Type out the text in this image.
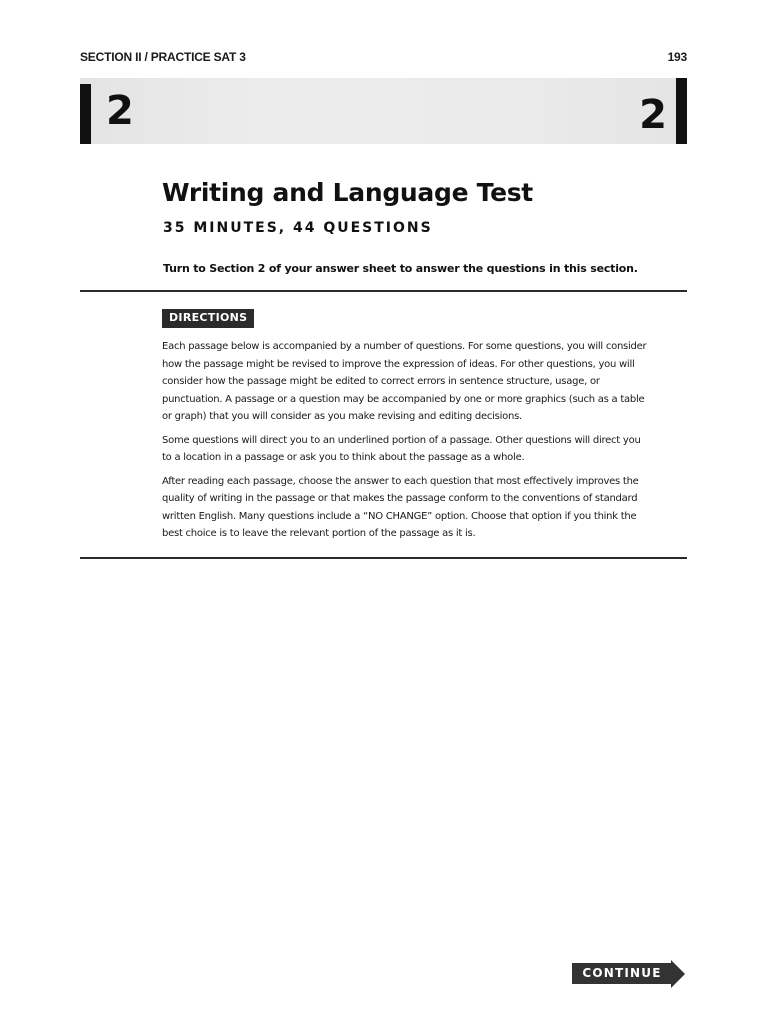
SECTION II / PRACTICE SAT 3	193
2	2
Writing and Language Test
35 MINUTES, 44 QUESTIONS
Turn to Section 2 of your answer sheet to answer the questions in this section.
DIRECTIONS

Each passage below is accompanied by a number of questions. For some questions, you will consider how the passage might be revised to improve the expression of ideas. For other questions, you will consider how the passage might be edited to correct errors in sentence structure, usage, or punctuation. A passage or a question may be accompanied by one or more graphics (such as a table or graph) that you will consider as you make revising and editing decisions.

Some questions will direct you to an underlined portion of a passage. Other questions will direct you to a location in a passage or ask you to think about the passage as a whole.

After reading each passage, choose the answer to each question that most effectively improves the quality of writing in the passage or that makes the passage conform to the conventions of standard written English. Many questions include a “NO CHANGE” option. Choose that option if you think the best choice is to leave the relevant portion of the passage as it is.

CONTINUE
